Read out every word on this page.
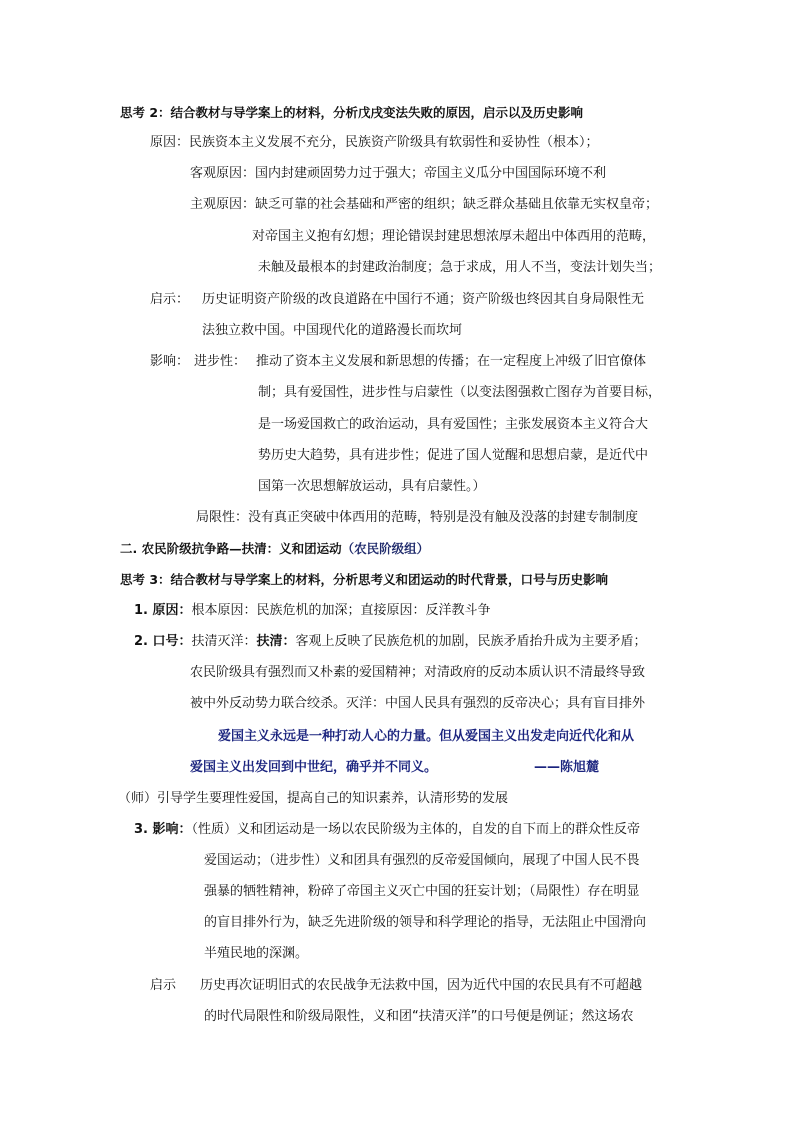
思考 2：结合教材与导学案上的材料，分析戊戌变法失败的原因，启示以及历史影响
原因：民族资本主义发展不充分，民族资产阶级具有软弱性和妥协性（根本）；
客观原因：国内封建顽固势力过于强大；帝国主义瓜分中国国际环境不利
主观原因：缺乏可靠的社会基础和严密的组织；缺乏群众基础且依靠无实权皇帝；
对帝国主义抱有幻想；理论错误封建思想浓厚未超出中体西用的范畴，
未触及最根本的封建政治制度；急于求成，用人不当，变法计划失当；
启示： 历史证明资产阶级的改良道路在中国行不通；资产阶级也终因其自身局限性无
法独立救中国。中国现代化的道路漫长而坎坷
影响： 进步性： 推动了资本主义发展和新思想的传播；在一定程度上冲级了旧官僚体
制；具有爱国性，进步性与启蒙性（以变法图强救亡图存为首要目标，
是一场爱国救亡的政治运动，具有爱国性；主张发展资本主义符合大
势历史大趋势，具有进步性；促进了国人觉醒和思想启蒙，是近代中
国第一次思想解放运动，具有启蒙性。）
局限性：没有真正突破中体西用的范畴，特别是没有触及没落的封建专制制度
二. 农民阶级抗争路—扶清：义和团运动（农民阶级组）
思考 3：结合教材与导学案上的材料，分析思考义和团运动的时代背景，口号与历史影响
1. 原因：根本原因：民族危机的加深；直接原因：反洋教斗争
2. 口号：扶清灭洋：扶清：客观上反映了民族危机的加剧，民族矛盾抬升成为主要矛盾；
农民阶级具有强烈而又朴素的爱国精神；对清政府的反动本质认识不清最终导致
被中外反动势力联合绞杀。灭洋：中国人民具有强烈的反帝决心；具有盲目排外
爱国主义永远是一种打动人心的力量。但从爱国主义出发走向近代化和从
爱国主义出发回到中世纪，确乎并不同义。	——陈旭麓
（师）引导学生要理性爱国，提高自己的知识素养，认清形势的发展
3. 影响：（性质）义和团运动是一场以农民阶级为主体的，自发的自下而上的群众性反帝
爱国运动；（进步性）义和团具有强烈的反帝爱国倾向，展现了中国人民不畏
强暴的牺牲精神，粉碎了帝国主义灭亡中国的狂妄计划；（局限性）存在明显
的盲目排外行为，缺乏先进阶级的领导和科学理论的指导，无法阻止中国滑向
半殖民地的深渊。
启示 历史再次证明旧式的农民战争无法救中国，因为近代中国的农民具有不可超越
的时代局限性和阶级局限性，义和团“扶清灭洋”的口号便是例证；然这场农
